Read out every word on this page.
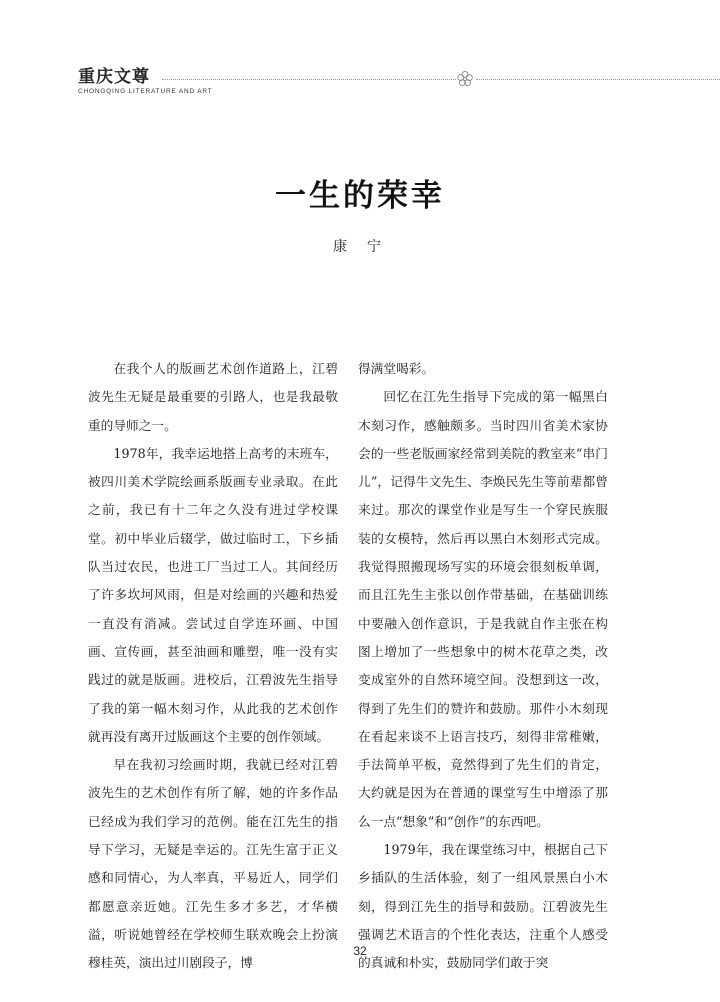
重庆文尊
CHONGQING LITERATURE AND ART
一生的荣幸
康宁

在我个人的版画艺术创作道路上，江碧波先生无疑是最重要的引路人，也是我最敬重的导师之一。

1978年，我幸运地搭上高考的末班车，被四川美术学院绘画系版画专业录取。在此之前，我已有十二年之久没有进过学校课堂。初中毕业后辍学，做过临时工，下乡插队当过农民，也进工厂当过工人。其间经历了许多坎坷风雨，但是对绘画的兴趣和热爱一直没有消减。尝试过自学连环画、中国画、宣传画，甚至油画和雕塑，唯一没有实践过的就是版画。进校后，江碧波先生指导了我的第一幅木刻习作，从此我的艺术创作就再没有离开过版画这个主要的创作领域。

早在我初习绘画时期，我就已经对江碧波先生的艺术创作有所了解，她的许多作品已经成为我们学习的范例。能在江先生的指导下学习，无疑是幸运的。江先生富于正义感和同情心，为人率真，平易近人，同学们都愿意亲近她。江先生多才多艺，才华横溢，听说她曾经在学校师生联欢晚会上扮演穆桂英，演出过川剧段子，博

得满堂喝彩。

回忆在江先生指导下完成的第一幅黑白木刻习作，感触颇多。当时四川省美术家协会的一些老版画家经常到美院的教室来“串门儿”，记得牛文先生、李焕民先生等前辈都曾来过。那次的课堂作业是写生一个穿民族服装的女模特，然后再以黑白木刻形式完成。我觉得照搬现场写实的环境会很刻板单调，而且江先生主张以创作带基础，在基础训练中要融入创作意识，于是我就自作主张在构图上增加了一些想象中的树木花草之类，改变成室外的自然环境空间。没想到这一改，得到了先生们的赞许和鼓励。那件小木刻现在看起来谈不上语言技巧，刻得非常稚嫩，手法简单平板，竟然得到了先生们的肯定，大约就是因为在普通的课堂写生中增添了那么一点“想象”和“创作”的东西吧。

1979年，我在课堂练习中，根据自己下乡插队的生活体验，刻了一组风景黑白小木刻，得到江先生的指导和鼓励。江碧波先生强调艺术语言的个性化表达，注重个人感受的真诚和朴实，鼓励同学们敢于突

32
